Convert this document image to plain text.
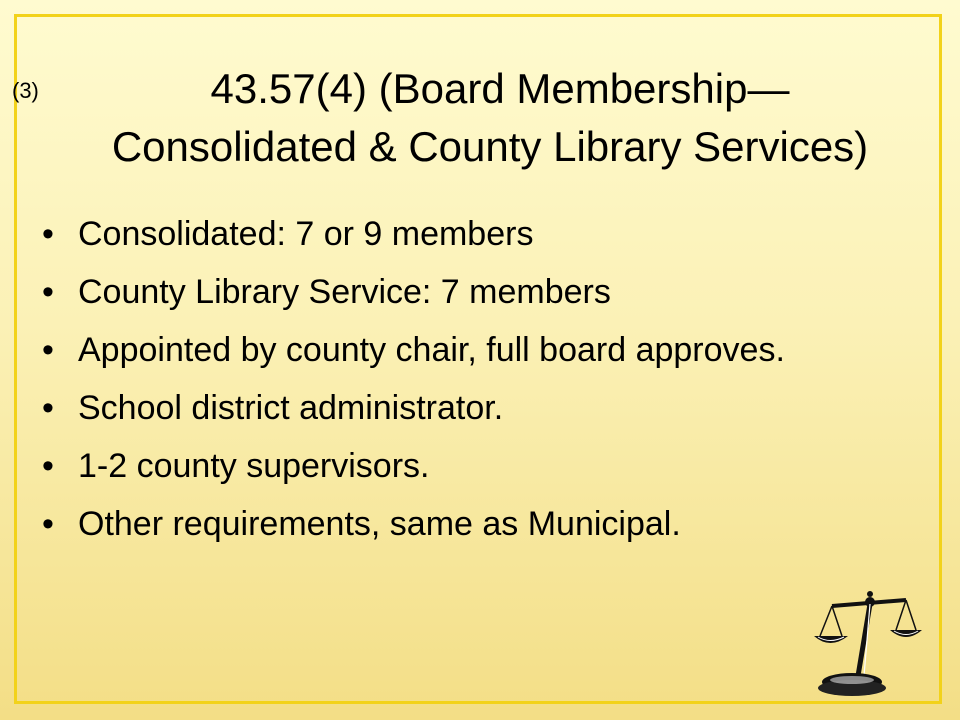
(3)	43.57(4) (Board Membership—
Consolidated & County Library Services)
• Consolidated: 7 or 9 members
• County Library Service: 7 members
• Appointed by county chair, full board approves.
• School district administrator.
• 1-2 county supervisors.
• Other requirements, same as Municipal.
